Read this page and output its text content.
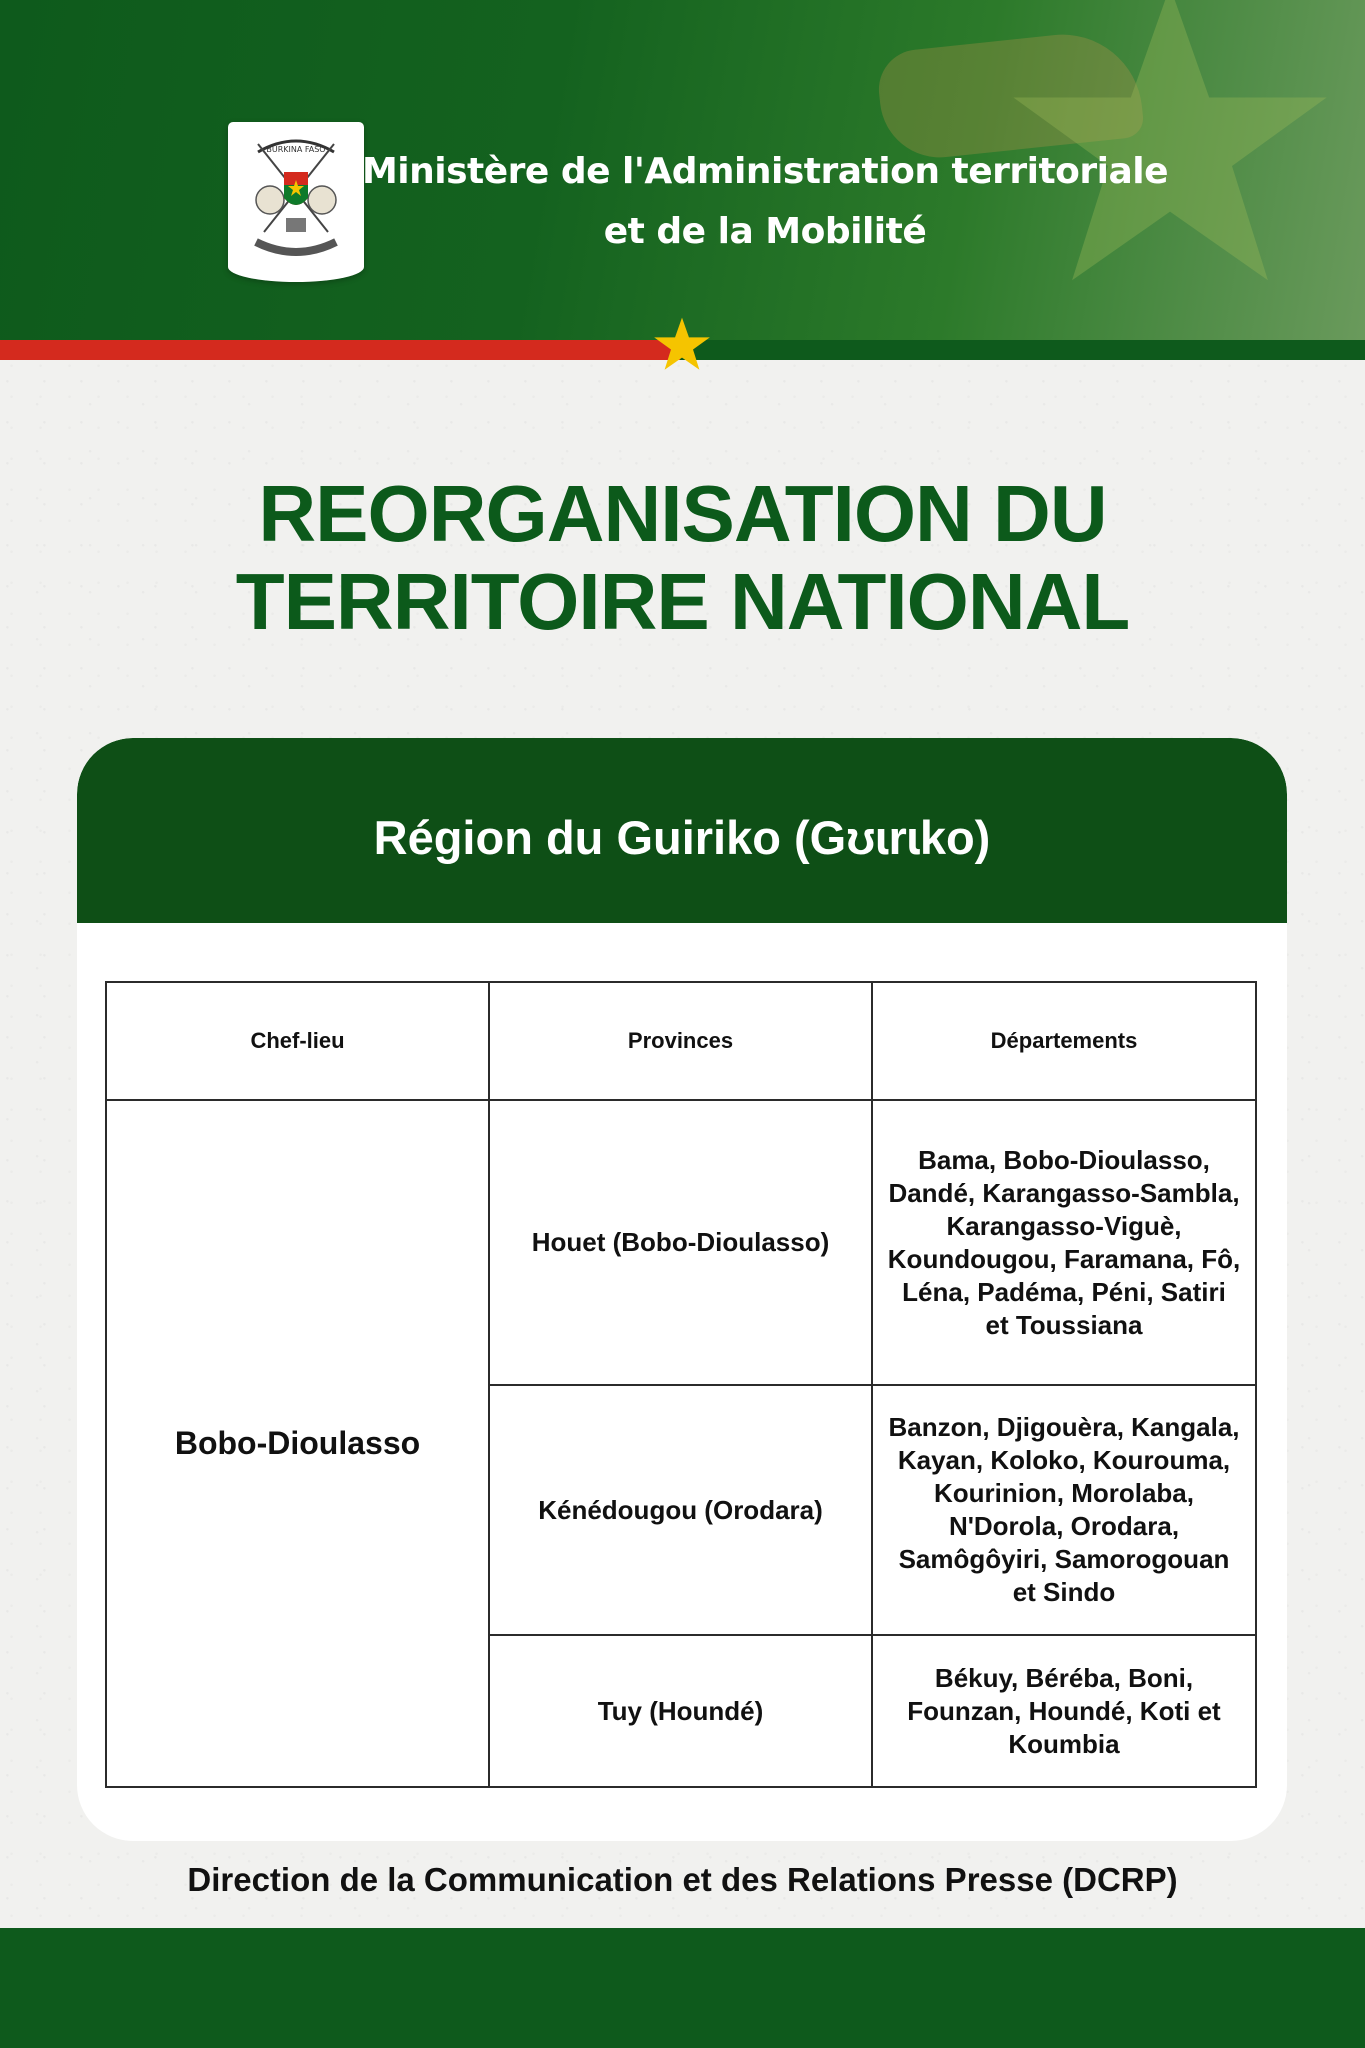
BURKINA FASO
Ministère de l'Administration territoriale
et de la Mobilité
REORGANISATION DU
TERRITOIRE NATIONAL
Région du Guiriko (Gʊɩrɩko)
Chef-lieu	Provinces	Départements
Bobo-Dioulasso	Houet (Bobo-Dioulasso)	Bama, Bobo-Dioulasso, Dandé, Karangasso-Sambla, Karangasso-Viguè, Koundougou, Faramana, Fô, Léna, Padéma, Péni, Satiri et Toussiana
	Kénédougou (Orodara)	Banzon, Djigouèra, Kangala, Kayan, Koloko, Kourouma, Kourinion, Morolaba, N'Dorola, Orodara, Samôgôyiri, Samorogouan et Sindo
	Tuy (Houndé)	Békuy, Béréba, Boni, Founzan, Houndé, Koti et Koumbia
Direction de la Communication et des Relations Presse (DCRP)
